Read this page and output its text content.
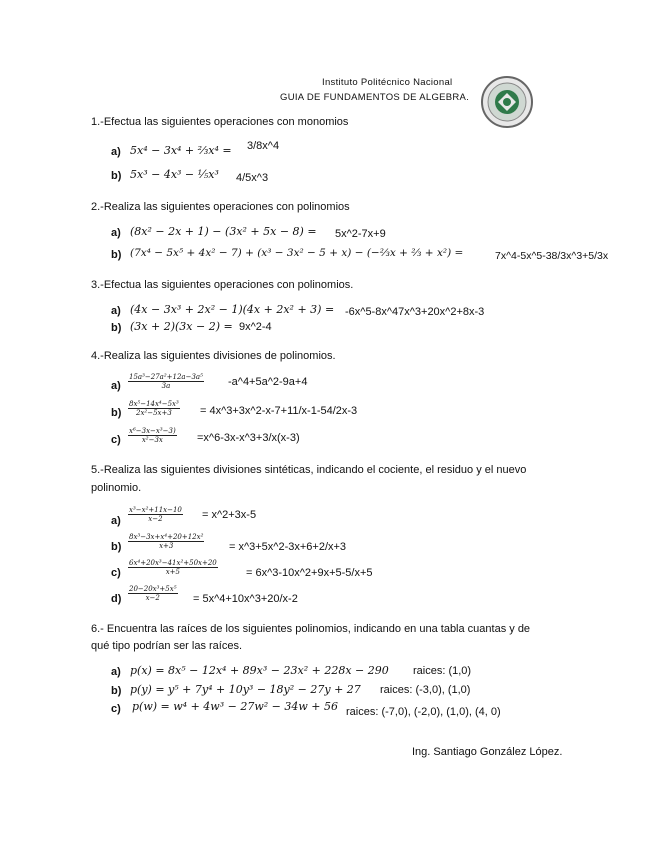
Instituto Politécnico Nacional
GUIA DE FUNDAMENTOS DE ALGEBRA.
1.-Efectua las siguientes operaciones con monomios
a) 5x⁴ − 3x⁴ + ⅔x⁴ = 3/8x^4
b) 5x³ − 4x³ − ⅕x³ 4/5x^3
2.-Realiza las siguientes operaciones con polinomios
a) (8x² − 2x + 1) − (3x² + 5x − 8) = 5x^2-7x+9
b) (7x⁴ − 5x⁵ + 4x² − 7) + (x³ − 3x² − 5 + x) − (−⅔x + ⅔ + x²) =	7x^4-5x^5-38/3x^3+5/3x
3.-Efectua las siguientes operaciones con polinomios.
a) (4x − 3x³ + 2x² − 1)(4x + 2x² + 3) = -6x^5-8x^47x^3+20x^2+8x-3
b) (3x + 2)(3x − 2) = 9x^2-4
4.-Realiza las siguientes divisiones de polinomios.
$a) \frac{\text{15a³−27a²+12a−3a⁵}}{3a}$ -a^4+5a^2-9a+4
$b) \frac{\text{8x⁵−14x⁴−5x³}}{\text{2x²−5x+3}}$ = 4x^3+3x^2-x-7+11/x-1-54/2x-3
$c) \frac{\text{x⁶−3x−x³−3)}}{\text{x²−3x}}$ =x^6-3x-x^3+3/x(x-3)
5.-Realiza las siguientes divisiones sintéticas, indicando el cociente, el residuo y el nuevo
polinomio.
$a) \frac{\text{x³−x²+11x−10}}{x-2}$ = x^2+3x-5
$b) \frac{\text{8x³−3x+x⁴+20+12x²}}{x+3}$ = x^3+5x^2-3x+6+2/x+3
$c) \frac{\text{6x⁴+20x³−41x²+50x+20}}{x+5}$	= 6x^3-10x^2+9x+5-5/x+5
$d) \frac{\text{20−20x³+5x⁵}}{x-2}$ = 5x^4+10x^3+20/x-2
6.- Encuentra las raíces de los siguientes polinomios, indicando en una tabla cuantas y de
qué tipo podrían ser las raíces.
a) p(x) = 8x⁵ − 12x⁴ + 89x³ − 23x² + 228x − 290 raices: (1,0)
b) p(y) = y⁵ + 7y⁴ + 10y³ − 18y² − 27y + 27 raices: (-3,0), (1,0)
c) p(w) = w⁴ + 4w³ − 27w² − 34w + 56 raices: (-7,0), (-2,0), (1,0), (4, 0)
Ing. Santiago González López.
